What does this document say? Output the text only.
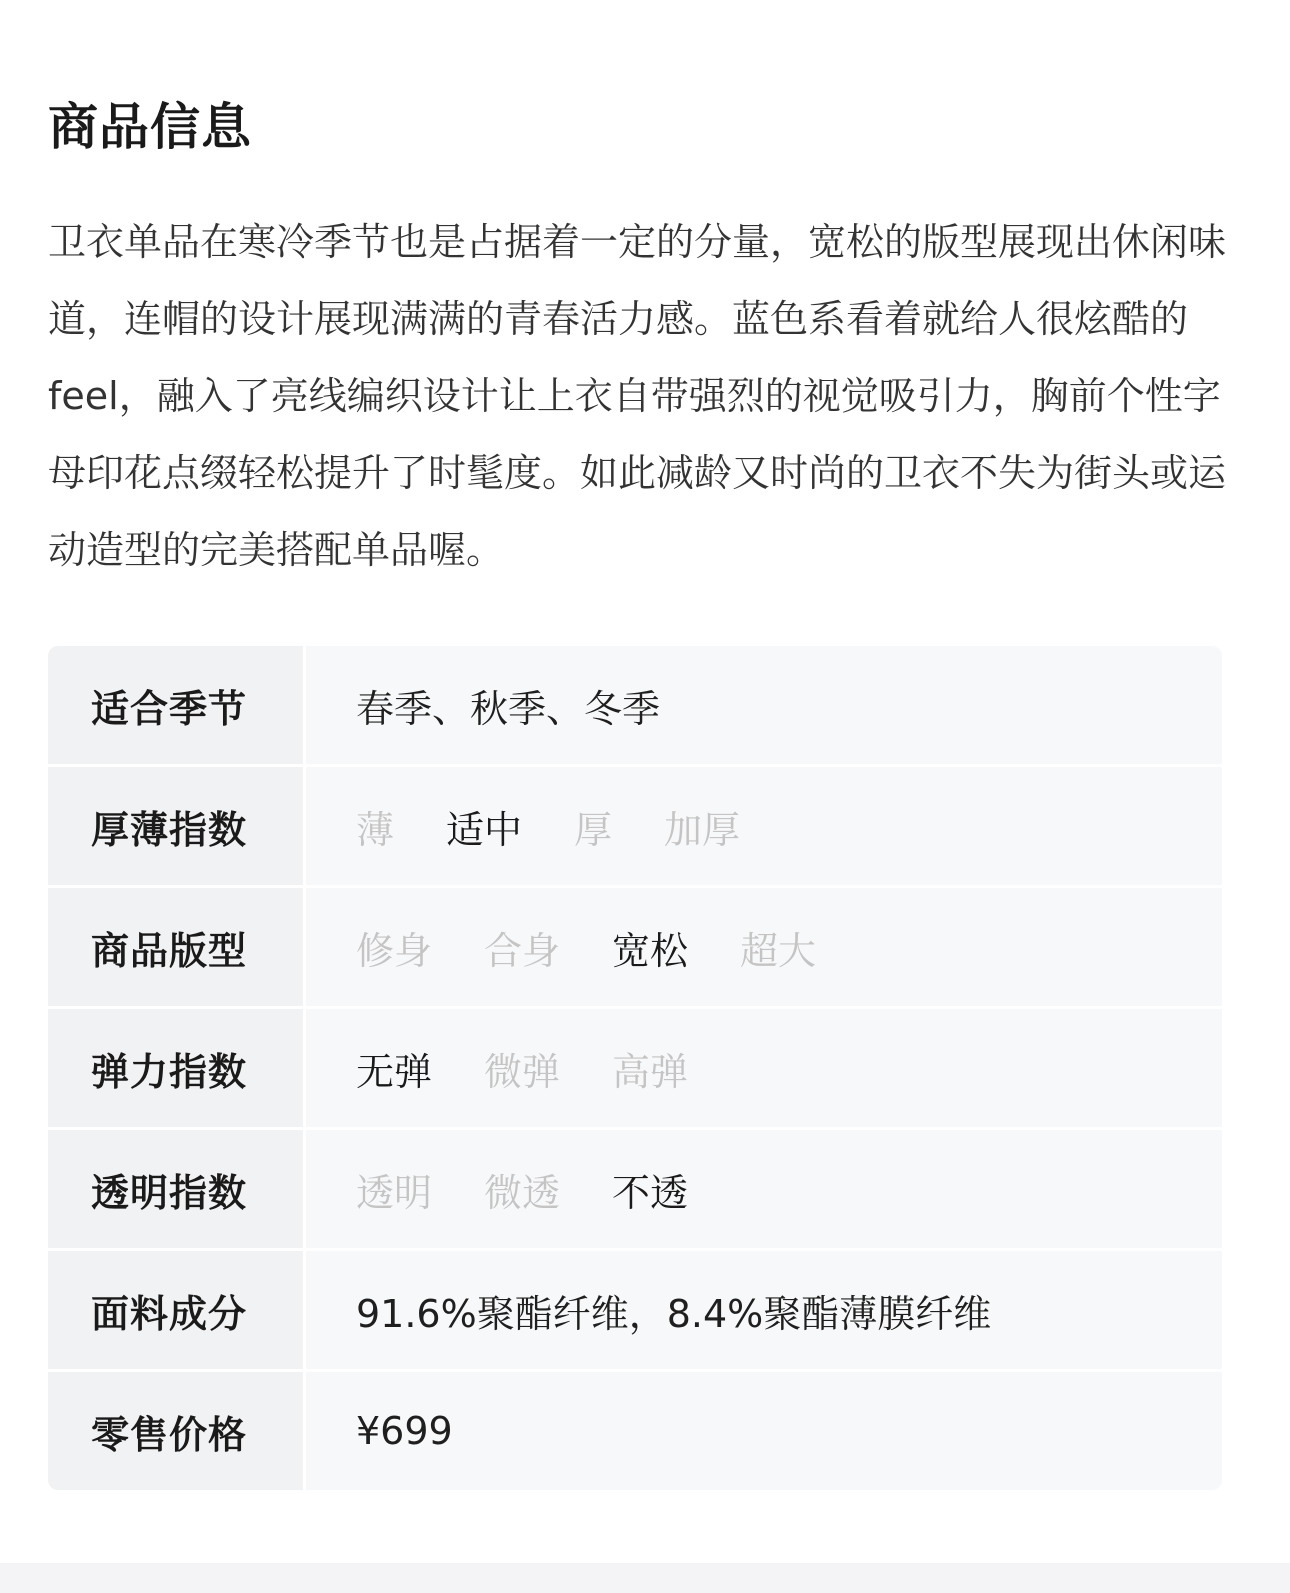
商品信息
卫衣单品在寒冷季节也是占据着一定的分量，宽松的版型展现出休闲味道，连帽的设计展现满满的青春活力感。蓝色系看着就给人很炫酷的feel，融入了亮线编织设计让上衣自带强烈的视觉吸引力，胸前个性字母印花点缀轻松提升了时髦度。如此减龄又时尚的卫衣不失为街头或运动造型的完美搭配单品喔。
适合季节	春季、秋季、冬季
厚薄指数	薄 适中 厚 加厚
商品版型	修身 合身 宽松 超大
弹力指数	无弹 微弹 高弹
透明指数	透明 微透 不透
面料成分	91.6%聚酯纤维，8.4%聚酯薄膜纤维
零售价格	¥699
